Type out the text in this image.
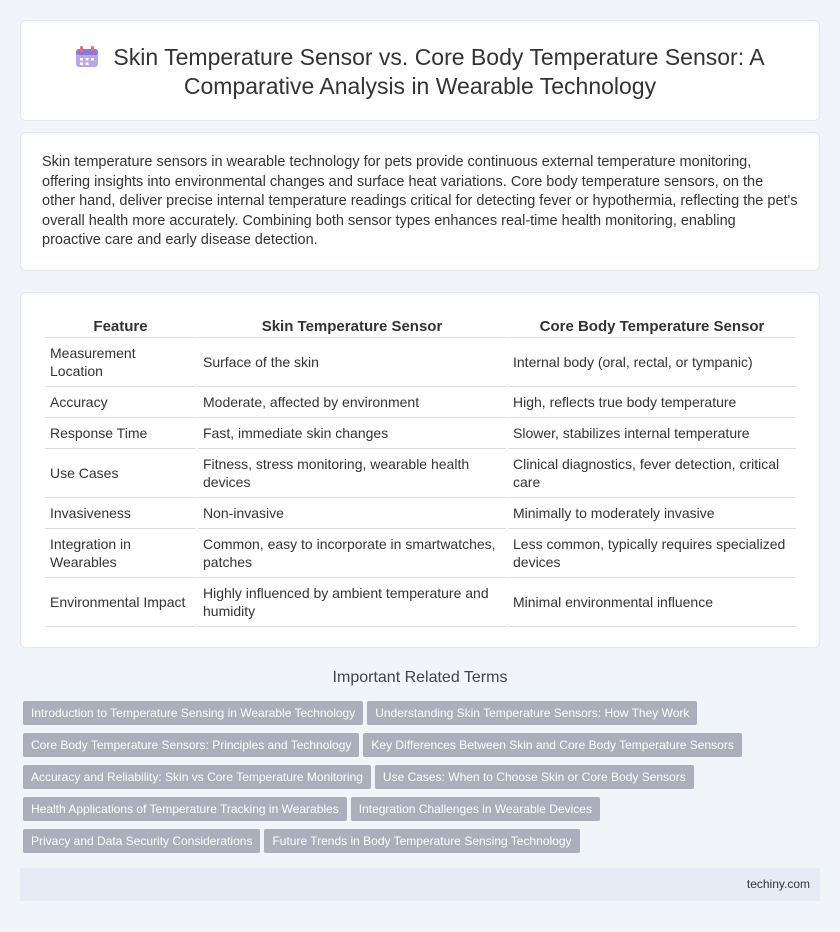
Skin Temperature Sensor vs. Core Body Temperature Sensor: A Comparative Analysis in Wearable Technology
Skin temperature sensors in wearable technology for pets provide continuous external temperature monitoring, offering insights into environmental changes and surface heat variations. Core body temperature sensors, on the other hand, deliver precise internal temperature readings critical for detecting fever or hypothermia, reflecting the pet's overall health more accurately. Combining both sensor types enhances real-time health monitoring, enabling proactive care and early disease detection.
Feature	Skin Temperature Sensor	Core Body Temperature Sensor
Measurement Location	Surface of the skin	Internal body (oral, rectal, or tympanic)
Accuracy	Moderate, affected by environment	High, reflects true body temperature
Response Time	Fast, immediate skin changes	Slower, stabilizes internal temperature
Use Cases	Fitness, stress monitoring, wearable health devices	Clinical diagnostics, fever detection, critical care
Invasiveness	Non-invasive	Minimally to moderately invasive
Integration in Wearables	Common, easy to incorporate in smartwatches, patches	Less common, typically requires specialized devices
Environmental Impact	Highly influenced by ambient temperature and humidity	Minimal environmental influence
Important Related Terms
Introduction to Temperature Sensing in Wearable Technology Understanding Skin Temperature Sensors: How They Work
Core Body Temperature Sensors: Principles and Technology Key Differences Between Skin and Core Body Temperature Sensors
Accuracy and Reliability: Skin vs Core Temperature Monitoring Use Cases: When to Choose Skin or Core Body Sensors
Health Applications of Temperature Tracking in Wearables Integration Challenges in Wearable Devices
Privacy and Data Security Considerations Future Trends in Body Temperature Sensing Technology
techiny.com
